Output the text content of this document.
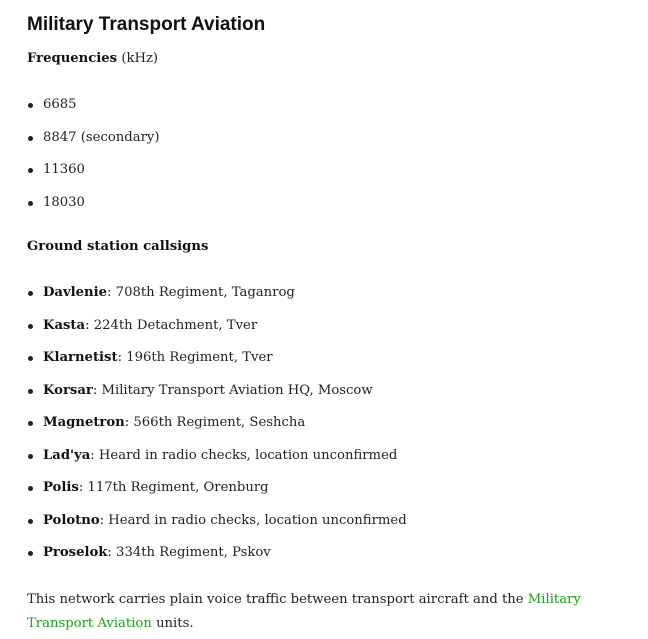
Military Transport Aviation

Frequencies (kHz)

6685
8847 (secondary)
11360
18030

Ground station callsigns

Davlenie: 708th Regiment, Taganrog
Kasta: 224th Detachment, Tver
Klarnetist: 196th Regiment, Tver
Korsar: Military Transport Aviation HQ, Moscow
Magnetron: 566th Regiment, Seshcha
Lad'ya: Heard in radio checks, location unconfirmed
Polis: 117th Regiment, Orenburg
Polotno: Heard in radio checks, location unconfirmed
Proselok: 334th Regiment, Pskov

This network carries plain voice traffic between transport aircraft and the Military Transport Aviation units.
